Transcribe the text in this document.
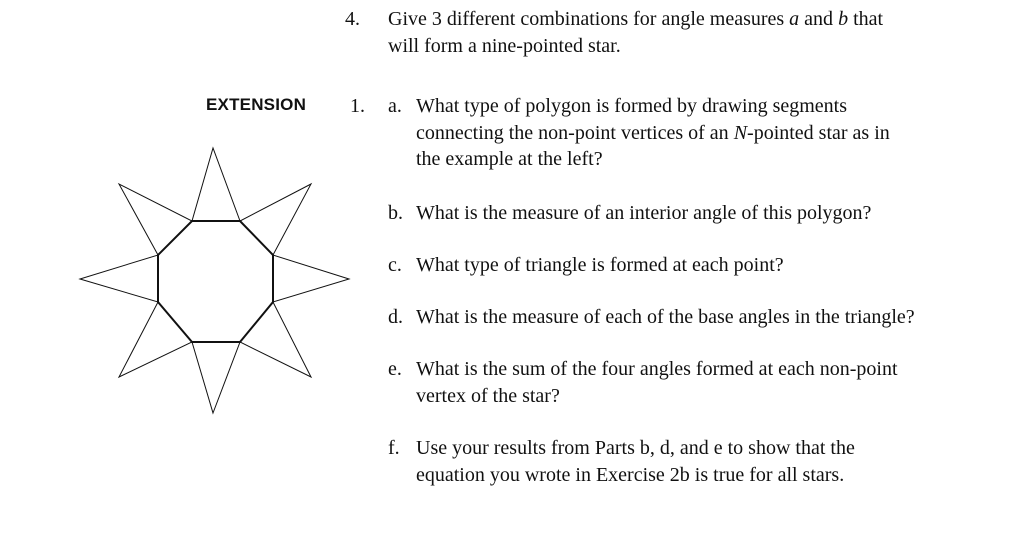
4. Give 3 different combinations for angle measures a and b that
will form a nine-pointed star.
EXTENSION 1. a. What type of polygon is formed by drawing segments
connecting the non-point vertices of an N-pointed star as in
the example at the left?
b. What is the measure of an interior angle of this polygon?
c. What type of triangle is formed at each point?
d. What is the measure of each of the base angles in the triangle?
e. What is the sum of the four angles formed at each non-point
vertex of the star?
f. Use your results from Parts b, d, and e to show that the
equation you wrote in Exercise 2b is true for all stars.
